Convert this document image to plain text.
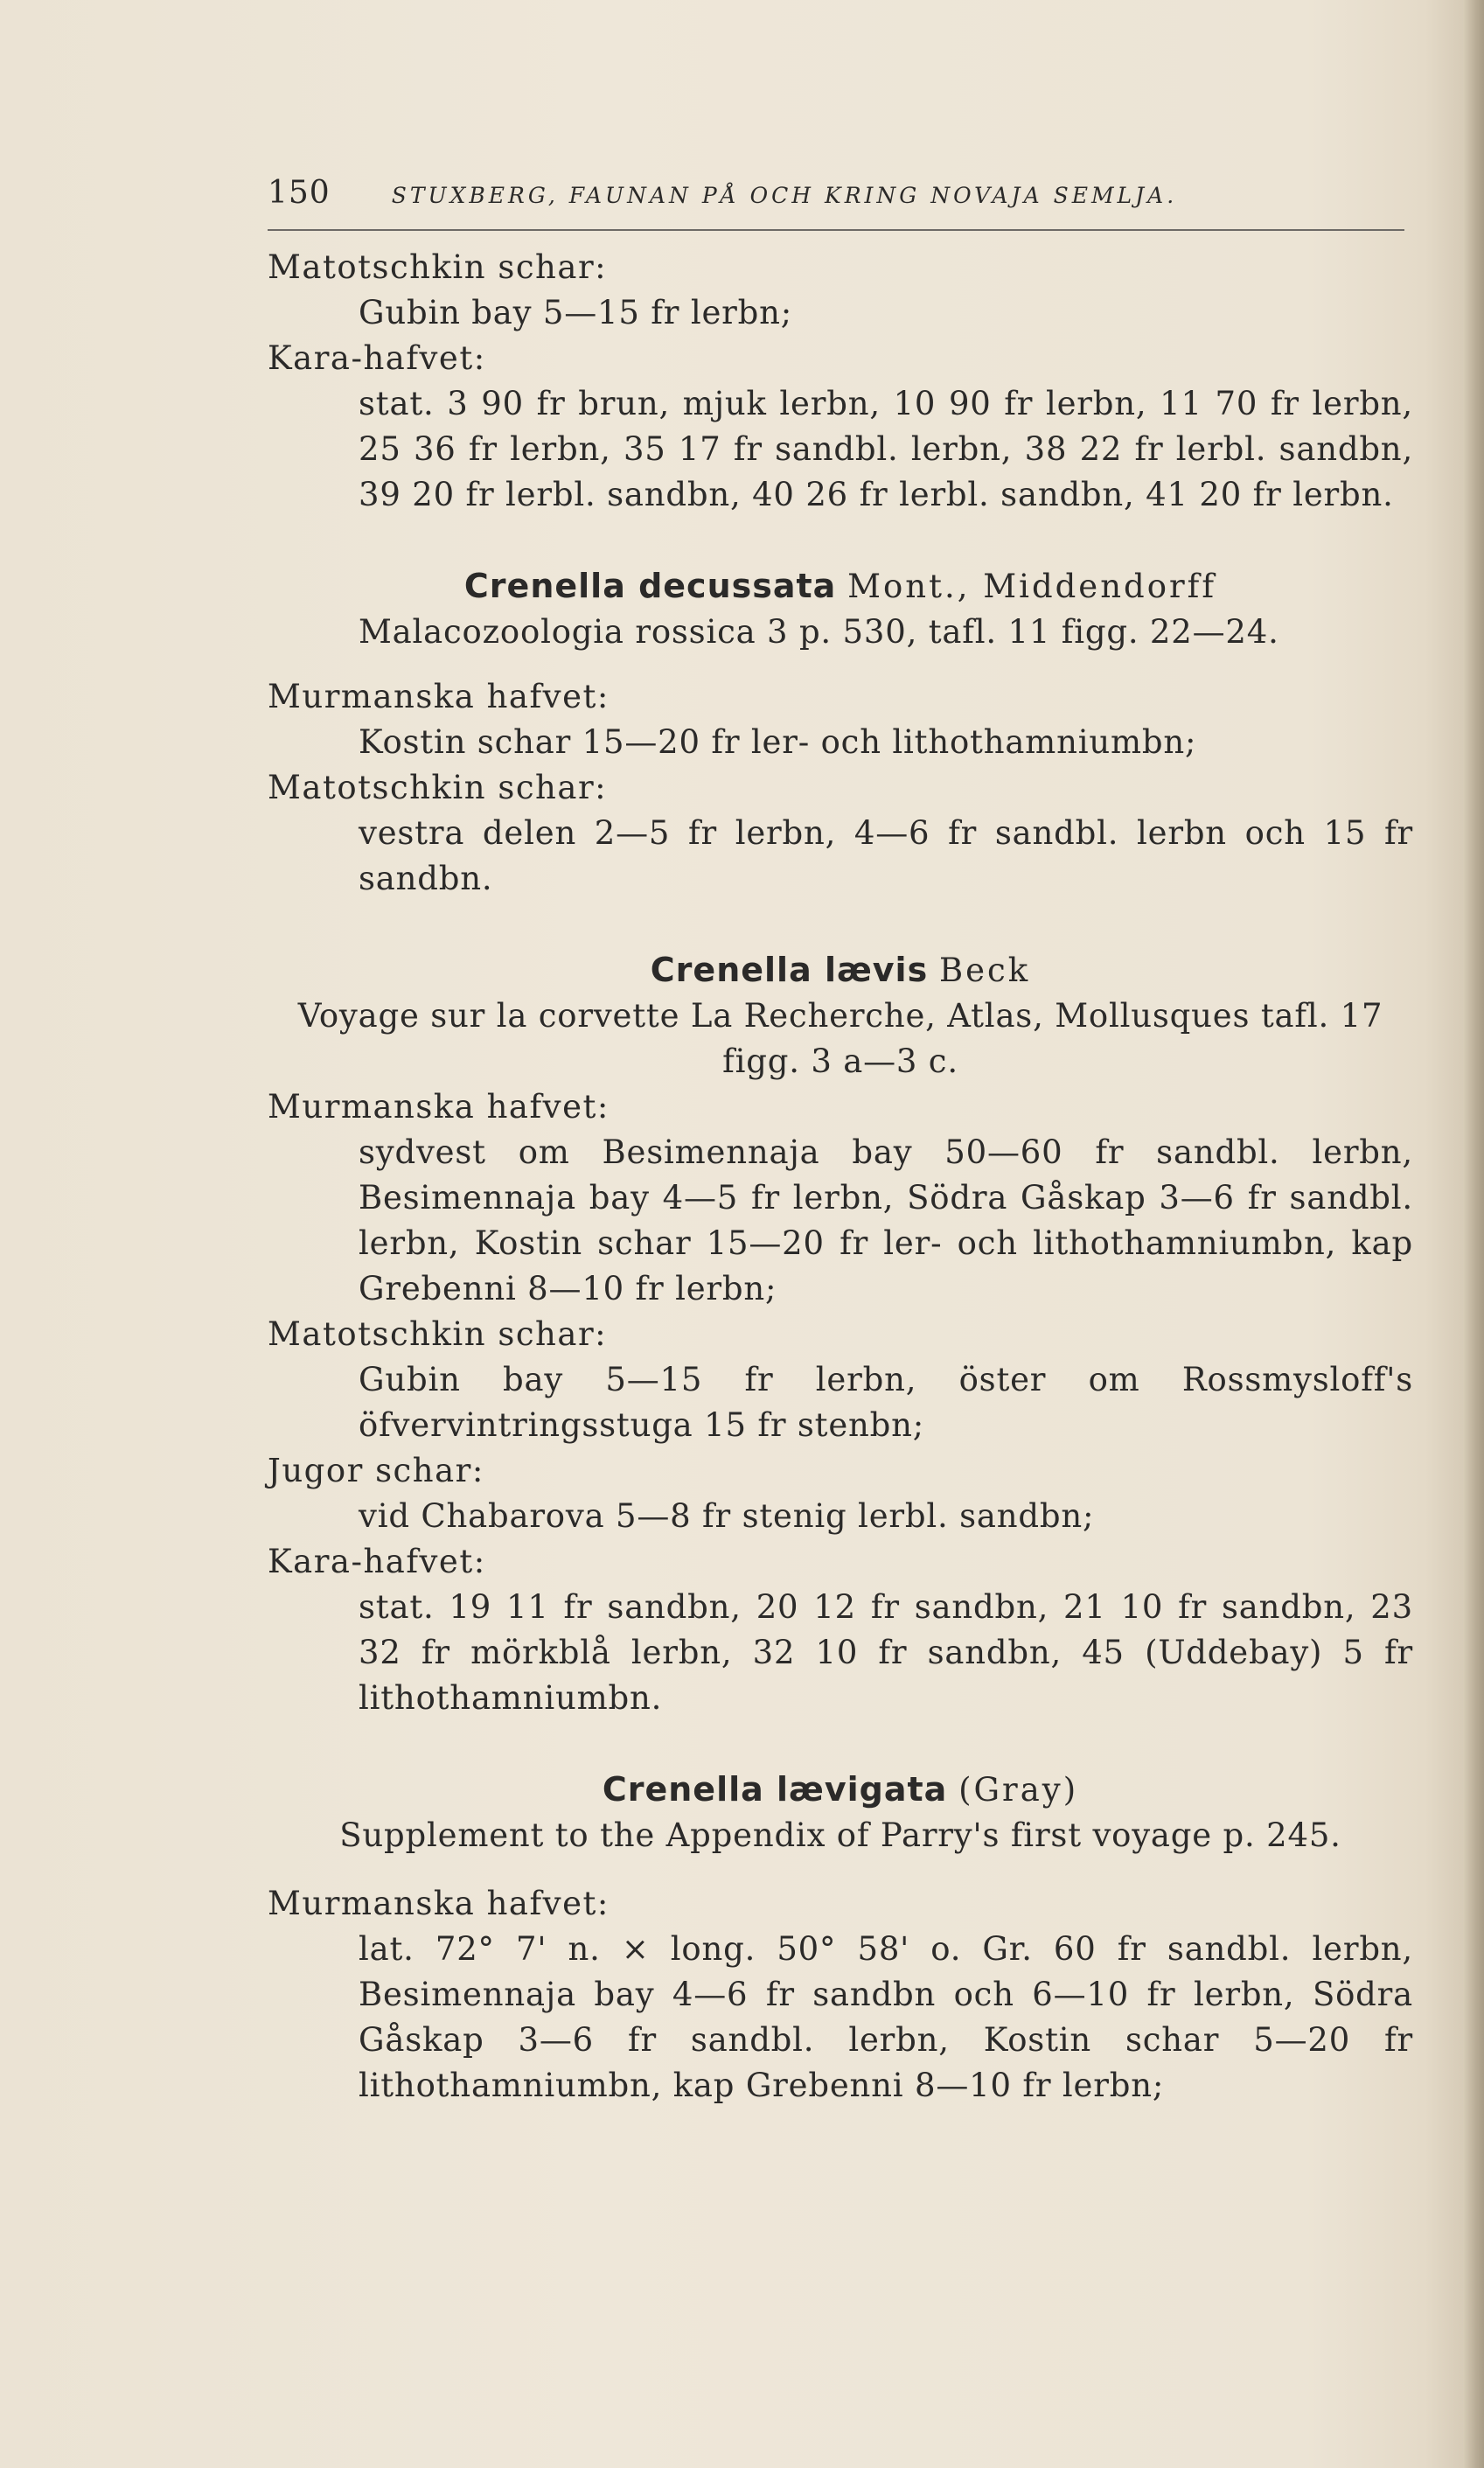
150	STUXBERG, FAUNAN PÅ OCH KRING NOVAJA SEMLJA.
Matotschkin schar:
Gubin bay 5—15 fr lerbn;
Kara-hafvet:
stat. 3 90 fr brun, mjuk lerbn, 10 90 fr lerbn, 11 70 fr lerbn, 25 36 fr lerbn, 35 17 fr sandbl. lerbn, 38 22 fr lerbl. sandbn, 39 20 fr lerbl. sandbn, 40 26 fr lerbl. sandbn, 41 20 fr lerbn.
Crenella decussata Mont., Middendorff
Malacozoologia rossica 3 p. 530, tafl. 11 figg. 22—24.
Murmanska hafvet:
Kostin schar 15—20 fr ler- och lithothamniumbn;
Matotschkin schar:
vestra delen 2—5 fr lerbn, 4—6 fr sandbl. lerbn och 15 fr sandbn.
Crenella lævis Beck
Voyage sur la corvette La Recherche, Atlas, Mollusques tafl. 17 figg. 3 a—3 c.
Murmanska hafvet:
sydvest om Besimennaja bay 50—60 fr sandbl. lerbn, Besimennaja bay 4—5 fr lerbn, Södra Gåskap 3—6 fr sandbl. lerbn, Kostin schar 15—20 fr ler- och lithothamniumbn, kap Grebenni 8—10 fr lerbn;
Matotschkin schar:
Gubin bay 5—15 fr lerbn, öster om Rossmysloff's öfvervintringsstuga 15 fr stenbn;
Jugor schar:
vid Chabarova 5—8 fr stenig lerbl. sandbn;
Kara-hafvet:
stat. 19 11 fr sandbn, 20 12 fr sandbn, 21 10 fr sandbn, 23 32 fr mörkblå lerbn, 32 10 fr sandbn, 45 (Uddebay) 5 fr lithothamniumbn.
Crenella lævigata (Gray)
Supplement to the Appendix of Parry's first voyage p. 245.
Murmanska hafvet:
lat. 72° 7' n. × long. 50° 58' o. Gr. 60 fr sandbl. lerbn, Besimennaja bay 4—6 fr sandbn och 6—10 fr lerbn, Södra Gåskap 3—6 fr sandbl. lerbn, Kostin schar 5—20 fr lithothamniumbn, kap Grebenni 8—10 fr lerbn;
